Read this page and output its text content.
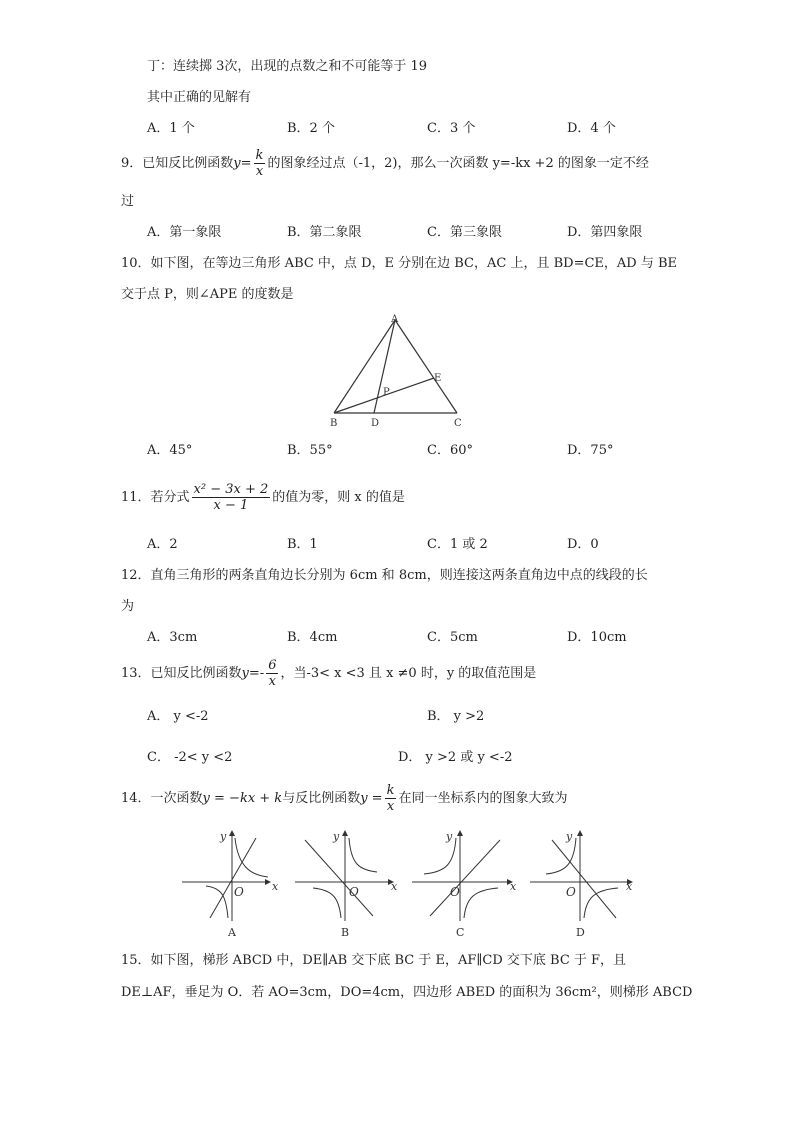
丁：连续掷 3次，出现的点数之和不可能等于 19
其中正确的见解有
A．1 个	B．2 个	C．3 个	D．4 个
9．已知反比例函数$y= \frac{k}{x}$ 的图象经过点（-1，2)，那么一次函数 y=-kx +2 的图象一定不经
过
A．第一象限	B．第二象限	C．第三象限	D．第四象限
10．如下图，在等边三角形 ABC 中，点 D，E 分别在边 BC，AC 上，且 BD=CE，AD 与 BE
交于点 P，则∠APE 的度数是
A
B	D	C
E
P
A．45°	B．55°	C．60°	D．75°
11．若分式 $\frac{\text{x² − 3x + 2}}{x - 1}$ 的值为零，则 x 的值是
A．2	B．1	C．1 或 2	D．0
12．直角三角形的两条直角边长分别为 6cm 和 8cm，则连接这两条直角边中点的线段的长
为
A．3cm	B．4cm	C．5cm	D．10cm
13．已知反比例函数$y=- \frac{6}{x}$ ，当-3< x <3 且 x ≠0 时，y 的取值范围是
A． y <-2	B． y >2
C． -2< y <2	D． y >2 或 y <-2
14．一次函数y = −kx + k与反比例函数$y = \frac{k}{x}$ 在同一坐标系内的图象大致为
y
O	x
A
y
O	x
B
y
O	x
C
y
O	x
D
15．如下图，梯形 ABCD 中，DE∥AB 交下底 BC 于 E，AF∥CD 交下底 BC 于 F，且
DE⊥AF，垂足为 O．若 AO=3cm，DO=4cm，四边形 ABED 的面积为 36cm²，则梯形 ABCD
